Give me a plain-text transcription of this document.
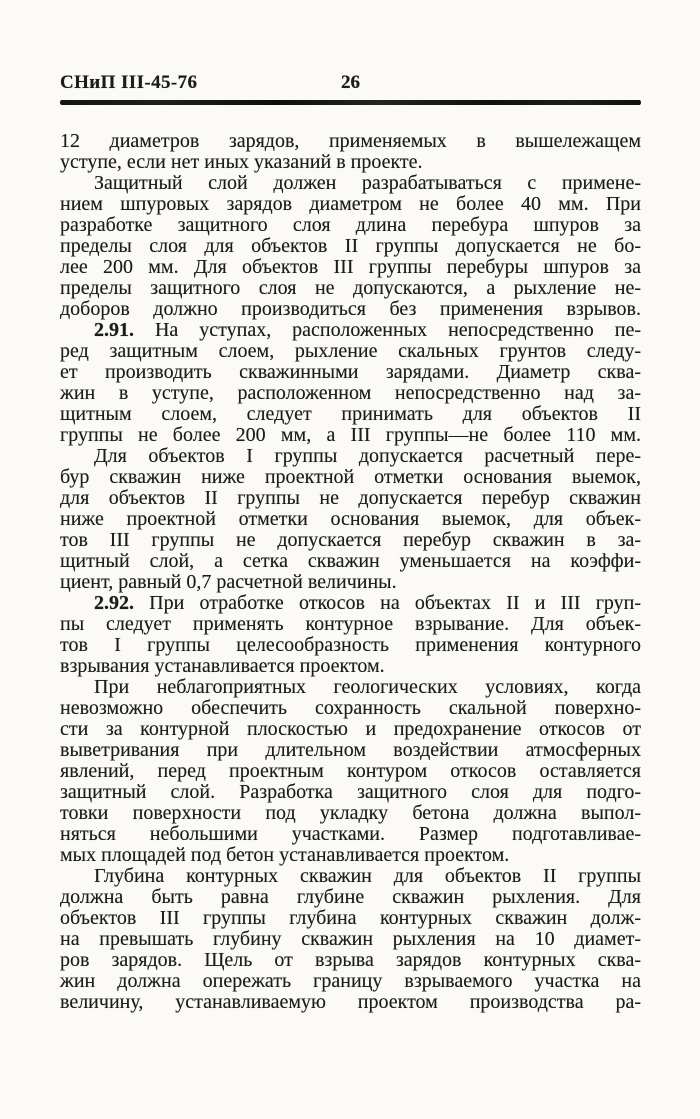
СНиП III-45-76	26
12 диаметров зарядов, применяемых в вышележащем
уступе, если нет иных указаний в проекте.
Защитный слой должен разрабатываться с примене-
нием шпуровых зарядов диаметром не более 40 мм. При
разработке защитного слоя длина перебура шпуров за
пределы слоя для объектов II группы допускается не бо-
лее 200 мм. Для объектов III группы перебуры шпуров за
пределы защитного слоя не допускаются, а рыхление не-
доборов должно производиться без применения взрывов.
2.91. На уступах, расположенных непосредственно пе-
ред защитным слоем, рыхление скальных грунтов следу-
ет производить скважинными зарядами. Диаметр сква-
жин в уступе, расположенном непосредственно над за-
щитным слоем, следует принимать для объектов II
группы не более 200 мм, а III группы—не более 110 мм.
Для объектов I группы допускается расчетный пере-
бур скважин ниже проектной отметки основания выемок,
для объектов II группы не допускается перебур скважин
ниже проектной отметки основания выемок, для объек-
тов III группы не допускается перебур скважин в за-
щитный слой, а сетка скважин уменьшается на коэффи-
циент, равный 0,7 расчетной величины.
2.92. При отработке откосов на объектах II и III груп-
пы следует применять контурное взрывание. Для объек-
тов I группы целесообразность применения контурного
взрывания устанавливается проектом.
При неблагоприятных геологических условиях, когда
невозможно обеспечить сохранность скальной поверхно-
сти за контурной плоскостью и предохранение откосов от
выветривания при длительном воздействии атмосферных
явлений, перед проектным контуром откосов оставляется
защитный слой. Разработка защитного слоя для подго-
товки поверхности под укладку бетона должна выпол-
няться небольшими участками. Размер подготавливае-
мых площадей под бетон устанавливается проектом.
Глубина контурных скважин для объектов II группы
должна быть равна глубине скважин рыхления. Для
объектов III группы глубина контурных скважин долж-
на превышать глубину скважин рыхления на 10 диамет-
ров зарядов. Щель от взрыва зарядов контурных сква-
жин должна опережать границу взрываемого участка на
величину, устанавливаемую проектом производства ра-
